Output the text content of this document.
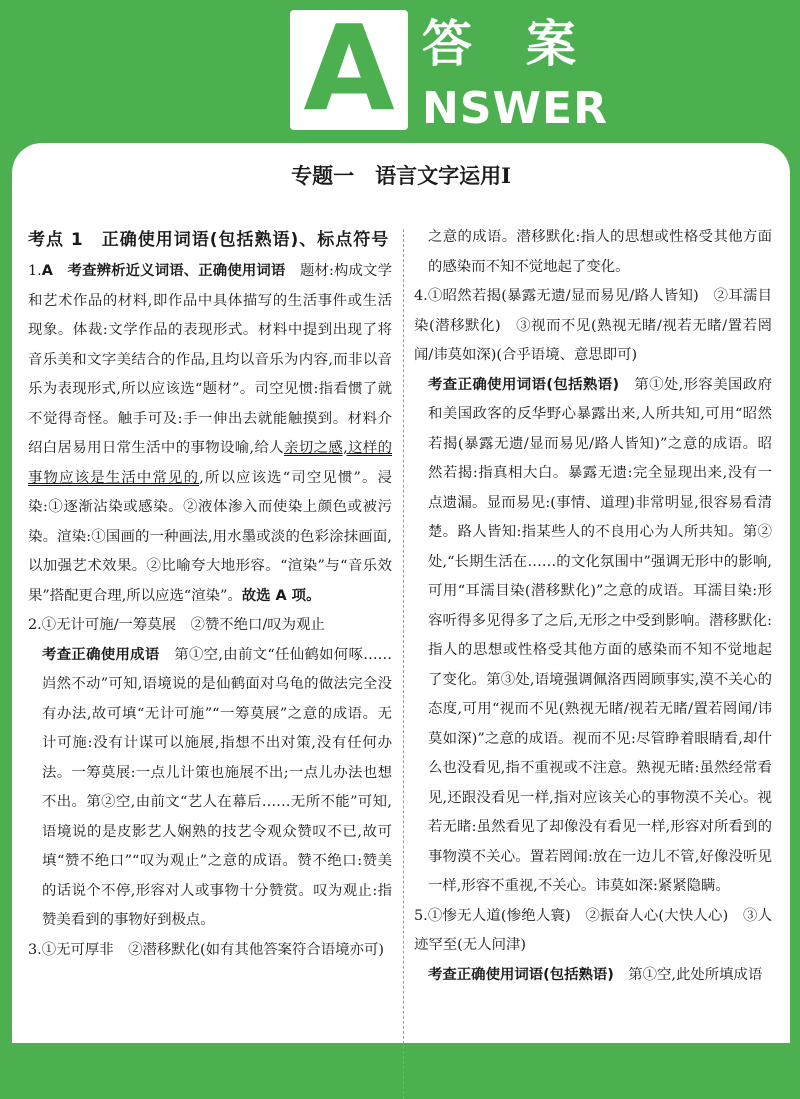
A 答案
NSWER
专题一　语言文字运用Ⅰ

考点 1　正确使用词语(包括熟语)、标点符号

1.A　 考查辨析近义词语、正确使用词语　 题材:构成文学和艺术作品的材料,即作品中具体描写的生活事件或生活现象。体裁:文学作品的表现形式。材料中提到出现了将音乐美和文字美结合的作品,且均以音乐为内容,而非以音乐为表现形式,所以应该选“题材”。司空见惯:指看惯了就不觉得奇怪。触手可及:手一伸出去就能触摸到。材料介绍白居易用日常生活中的事物设喻,给人亲切之感,这样的事物应该是生活中常见的,所以应该选“司空见惯”。浸染:①逐渐沾染或感染。②液体渗入而使染上颜色或被污染。渲染:①国画的一种画法,用水墨或淡的色彩涂抹画面,以加强艺术效果。②比喻夸大地形容。“渲染”与“音乐效果”搭配更合理,所以应选“渲染”。故选 A 项。

2.①无计可施/一筹莫展　②赞不绝口/叹为观止

考查正确使用成语　 第①空,由前文“任仙鹤如何啄……岿然不动”可知,语境说的是仙鹤面对乌龟的做法完全没有办法,故可填“无计可施”“一筹莫展”之意的成语。无计可施:没有计谋可以施展,指想不出对策,没有任何办法。一筹莫展:一点儿计策也施展不出;一点儿办法也想不出。第②空,由前文“艺人在幕后……无所不能”可知,语境说的是皮影艺人娴熟的技艺令观众赞叹不已,故可填“赞不绝口”“叹为观止”之意的成语。赞不绝口:赞美的话说个不停,形容对人或事物十分赞赏。叹为观止:指赞美看到的事物好到极点。

3.①无可厚非　②潜移默化(如有其他答案符合语境亦可)

之意的成语。潜移默化:指人的思想或性格受其他方面的感染而不知不觉地起了变化。

4.①昭然若揭(暴露无遗/显而易见/路人皆知)　②耳濡目染(潜移默化)　③视而不见(熟视无睹/视若无睹/置若罔闻/讳莫如深)(合乎语境、意思即可)

考查正确使用词语(包括熟语)　 第①处,形容美国政府和美国政客的反华野心暴露出来,人所共知,可用“昭然若揭(暴露无遗/显而易见/路人皆知)”之意的成语。昭然若揭:指真相大白。暴露无遗:完全显现出来,没有一点遗漏。显而易见:(事情、道理)非常明显,很容易看清楚。路人皆知:指某些人的不良用心为人所共知。第②处,“长期生活在……的文化氛围中”强调无形中的影响,可用“耳濡目染(潜移默化)”之意的成语。耳濡目染:形容听得多见得多了之后,无形之中受到影响。潜移默化:指人的思想或性格受其他方面的感染而不知不觉地起了变化。第③处,语境强调佩洛西罔顾事实,漠不关心的态度,可用“视而不见(熟视无睹/视若无睹/置若罔闻/讳莫如深)”之意的成语。视而不见:尽管睁着眼睛看,却什么也没看见,指不重视或不注意。熟视无睹:虽然经常看见,还跟没看见一样,指对应该关心的事物漠不关心。视若无睹:虽然看见了却像没有看见一样,形容对所看到的事物漠不关心。置若罔闻:放在一边儿不管,好像没听见一样,形容不重视,不关心。讳莫如深:紧紧隐瞒。

5.①惨无人道(惨绝人寰)　②振奋人心(大快人心)　③人迹罕至(无人问津)

考查正确使用词语(包括熟语)　 第①空,此处所填成语
